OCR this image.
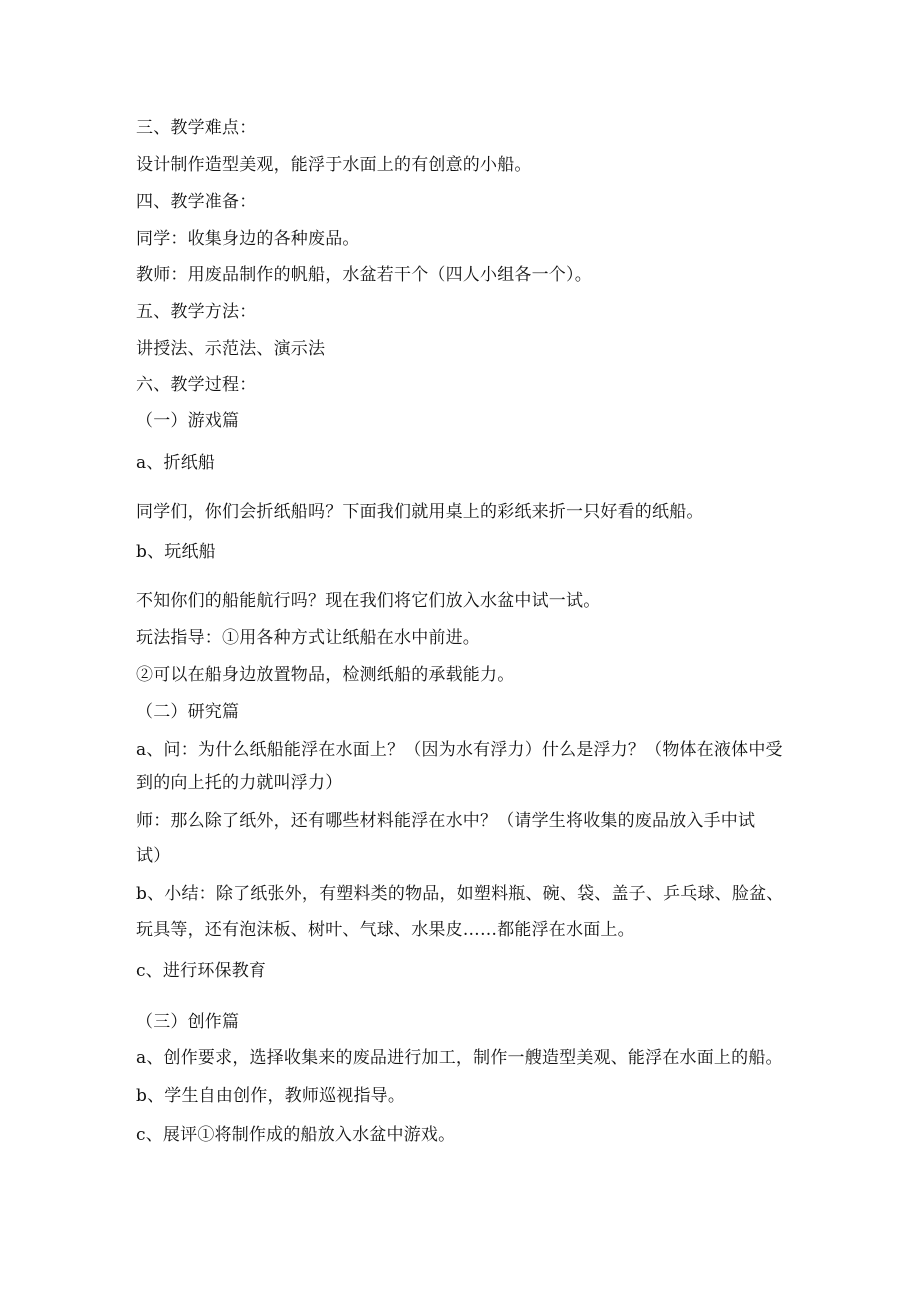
三、教学难点：
设计制作造型美观，能浮于水面上的有创意的小船。
四、教学准备：
同学：收集身边的各种废品。
教师：用废品制作的帆船，水盆若干个（四人小组各一个）。
五、教学方法：
讲授法、示范法、演示法
六、教学过程：
（一）游戏篇
a、折纸船
同学们，你们会折纸船吗？下面我们就用桌上的彩纸来折一只好看的纸船。
b、玩纸船
不知你们的船能航行吗？现在我们将它们放入水盆中试一试。
玩法指导：①用各种方式让纸船在水中前进。
②可以在船身边放置物品，检测纸船的承载能力。
（二）研究篇
a、问：为什么纸船能浮在水面上？（因为水有浮力）什么是浮力？（物体在液体中受
到的向上托的力就叫浮力）
师：那么除了纸外，还有哪些材料能浮在水中？（请学生将收集的废品放入手中试
试）
b、小结：除了纸张外，有塑料类的物品，如塑料瓶、碗、袋、盖子、乒乓球、脸盆、
玩具等，还有泡沫板、树叶、气球、水果皮……都能浮在水面上。
c、进行环保教育
（三）创作篇
a、创作要求，选择收集来的废品进行加工，制作一艘造型美观、能浮在水面上的船。
b、学生自由创作，教师巡视指导。
c、展评①将制作成的船放入水盆中游戏。
